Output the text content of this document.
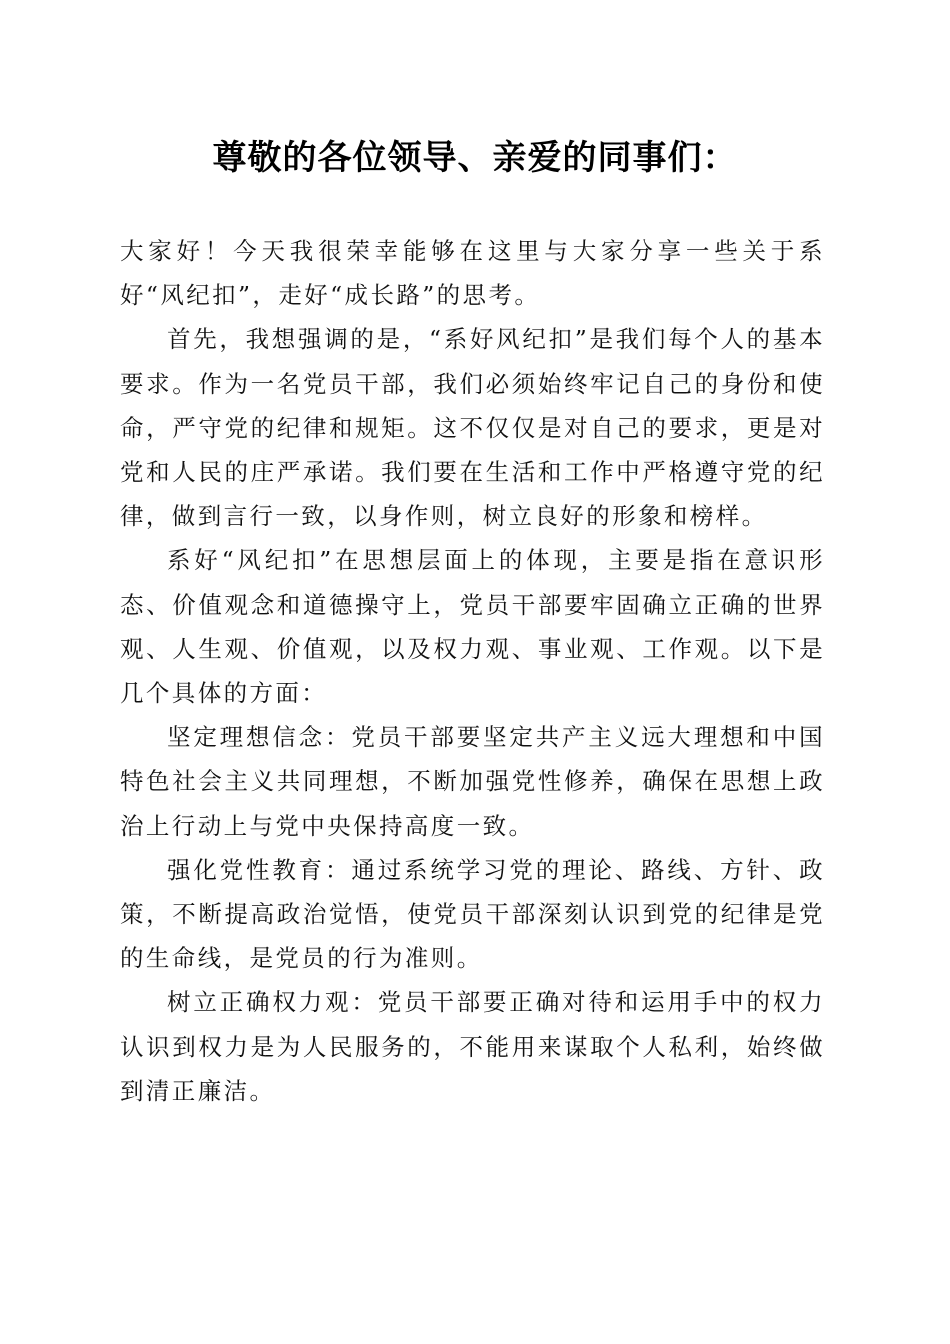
尊敬的各位领导、亲爱的同事们：

大家好！今天我很荣幸能够在这里与大家分享一些关于系好“风纪扣”，走好“成长路”的思考。

首先，我想强调的是，“系好风纪扣”是我们每个人的基本要求。作为一名党员干部，我们必须始终牢记自己的身份和使命，严守党的纪律和规矩。这不仅仅是对自己的要求，更是对党和人民的庄严承诺。我们要在生活和工作中严格遵守党的纪律，做到言行一致，以身作则，树立良好的形象和榜样。

系好“风纪扣”在思想层面上的体现，主要是指在意识形态、价值观念和道德操守上，党员干部要牢固确立正确的世界观、人生观、价值观，以及权力观、事业观、工作观。以下是几个具体的方面：

坚定理想信念：党员干部要坚定共产主义远大理想和中国特色社会主义共同理想，不断加强党性修养，确保在思想上政治上行动上与党中央保持高度一致。

强化党性教育：通过系统学习党的理论、路线、方针、政策，不断提高政治觉悟，使党员干部深刻认识到党的纪律是党的生命线，是党员的行为准则。

树立正确权力观：党员干部要正确对待和运用手中的权力认识到权力是为人民服务的，不能用来谋取个人私利，始终做到清正廉洁。
